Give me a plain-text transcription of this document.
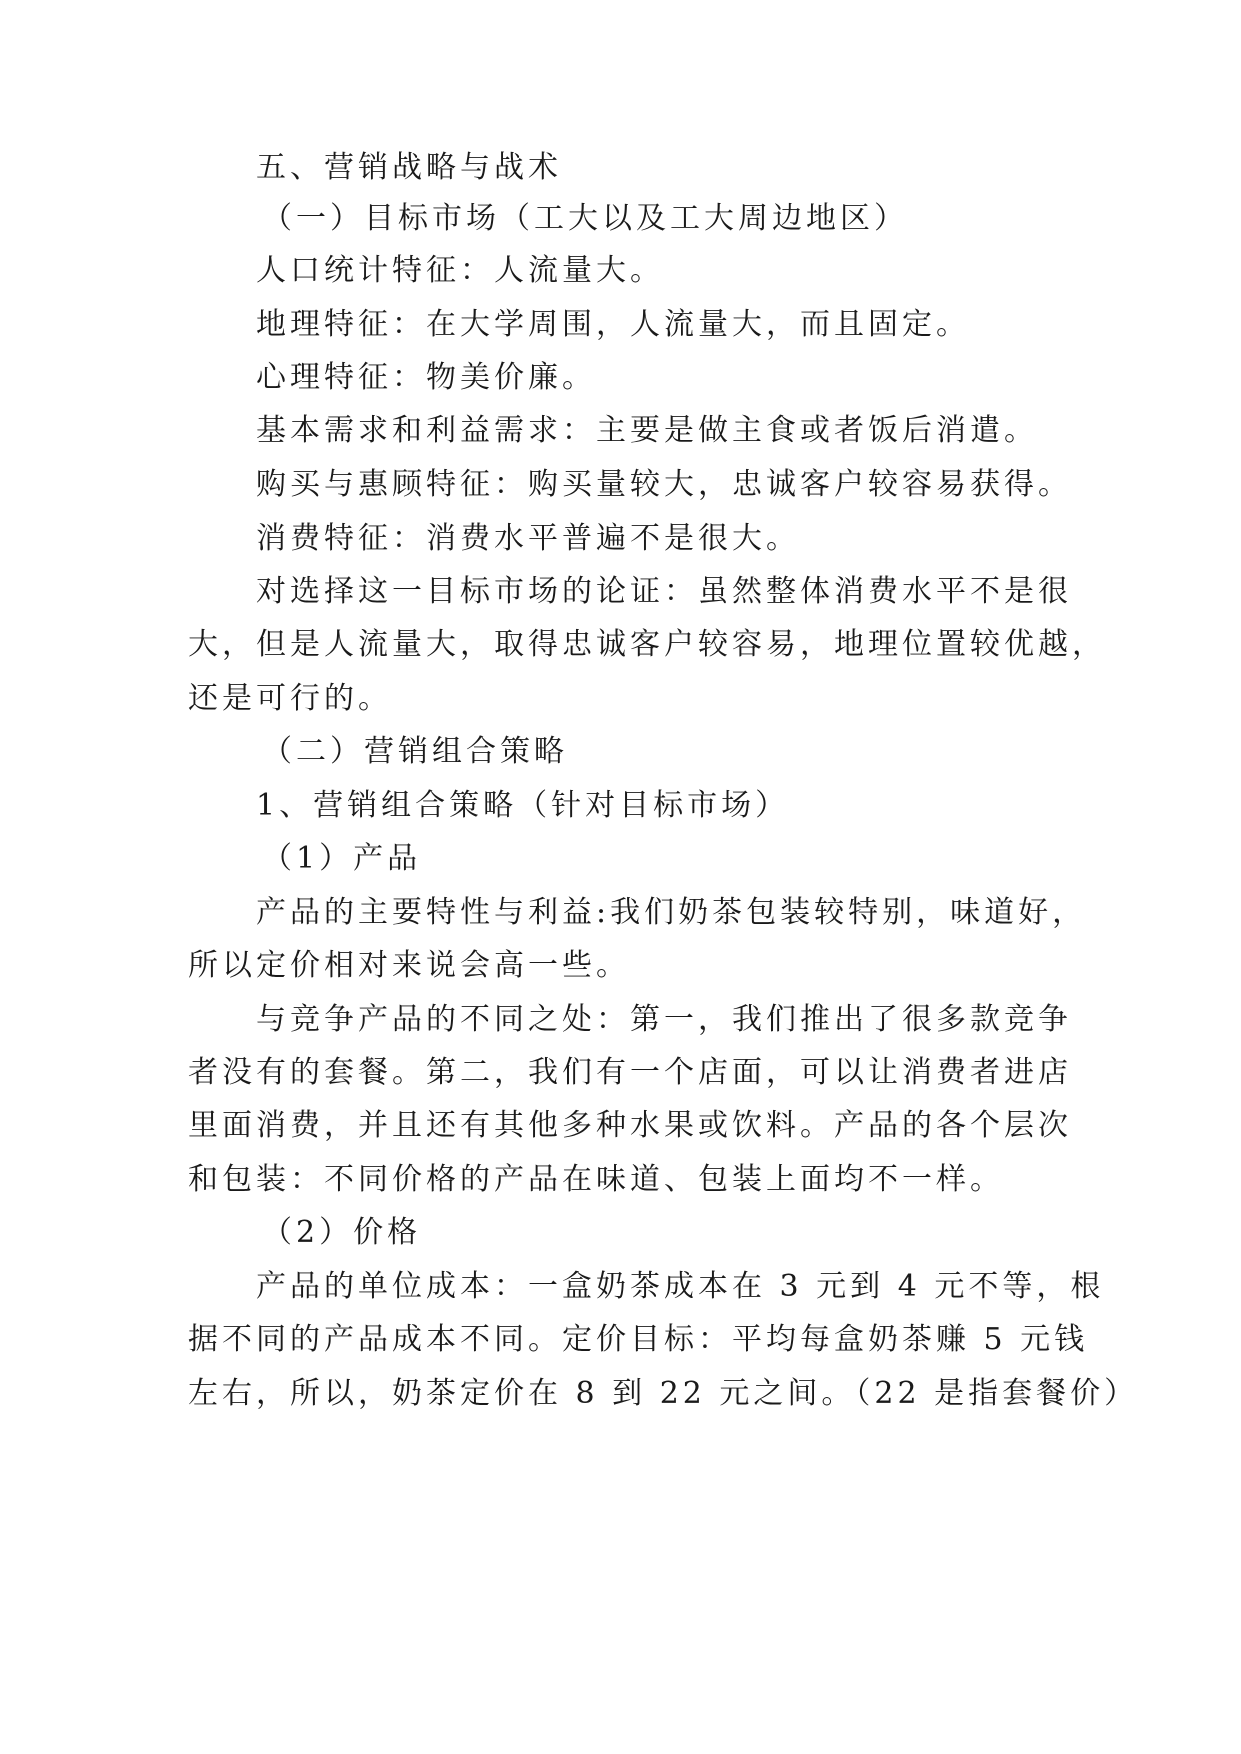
五、营销战略与战术
（一）目标市场（工大以及工大周边地区）
人口统计特征：人流量大。
地理特征：在大学周围，人流量大，而且固定。
心理特征：物美价廉。
基本需求和利益需求：主要是做主食或者饭后消遣。
购买与惠顾特征：购买量较大，忠诚客户较容易获得。
消费特征：消费水平普遍不是很大。
对选择这一目标市场的论证：虽然整体消费水平不是很
大，但是人流量大，取得忠诚客户较容易，地理位置较优越，
还是可行的。
（二）营销组合策略
1、营销组合策略（针对目标市场）
（1）产品
产品的主要特性与利益:我们奶茶包装较特别，味道好，
所以定价相对来说会高一些。
与竞争产品的不同之处：第一，我们推出了很多款竞争
者没有的套餐。第二，我们有一个店面，可以让消费者进店
里面消费，并且还有其他多种水果或饮料。产品的各个层次
和包装：不同价格的产品在味道、包装上面均不一样。
（2）价格
产品的单位成本：一盒奶茶成本在 3 元到 4 元不等，根
据不同的产品成本不同。定价目标：平均每盒奶茶赚 5 元钱
左右，所以，奶茶定价在 8 到 22 元之间。（22 是指套餐价）
